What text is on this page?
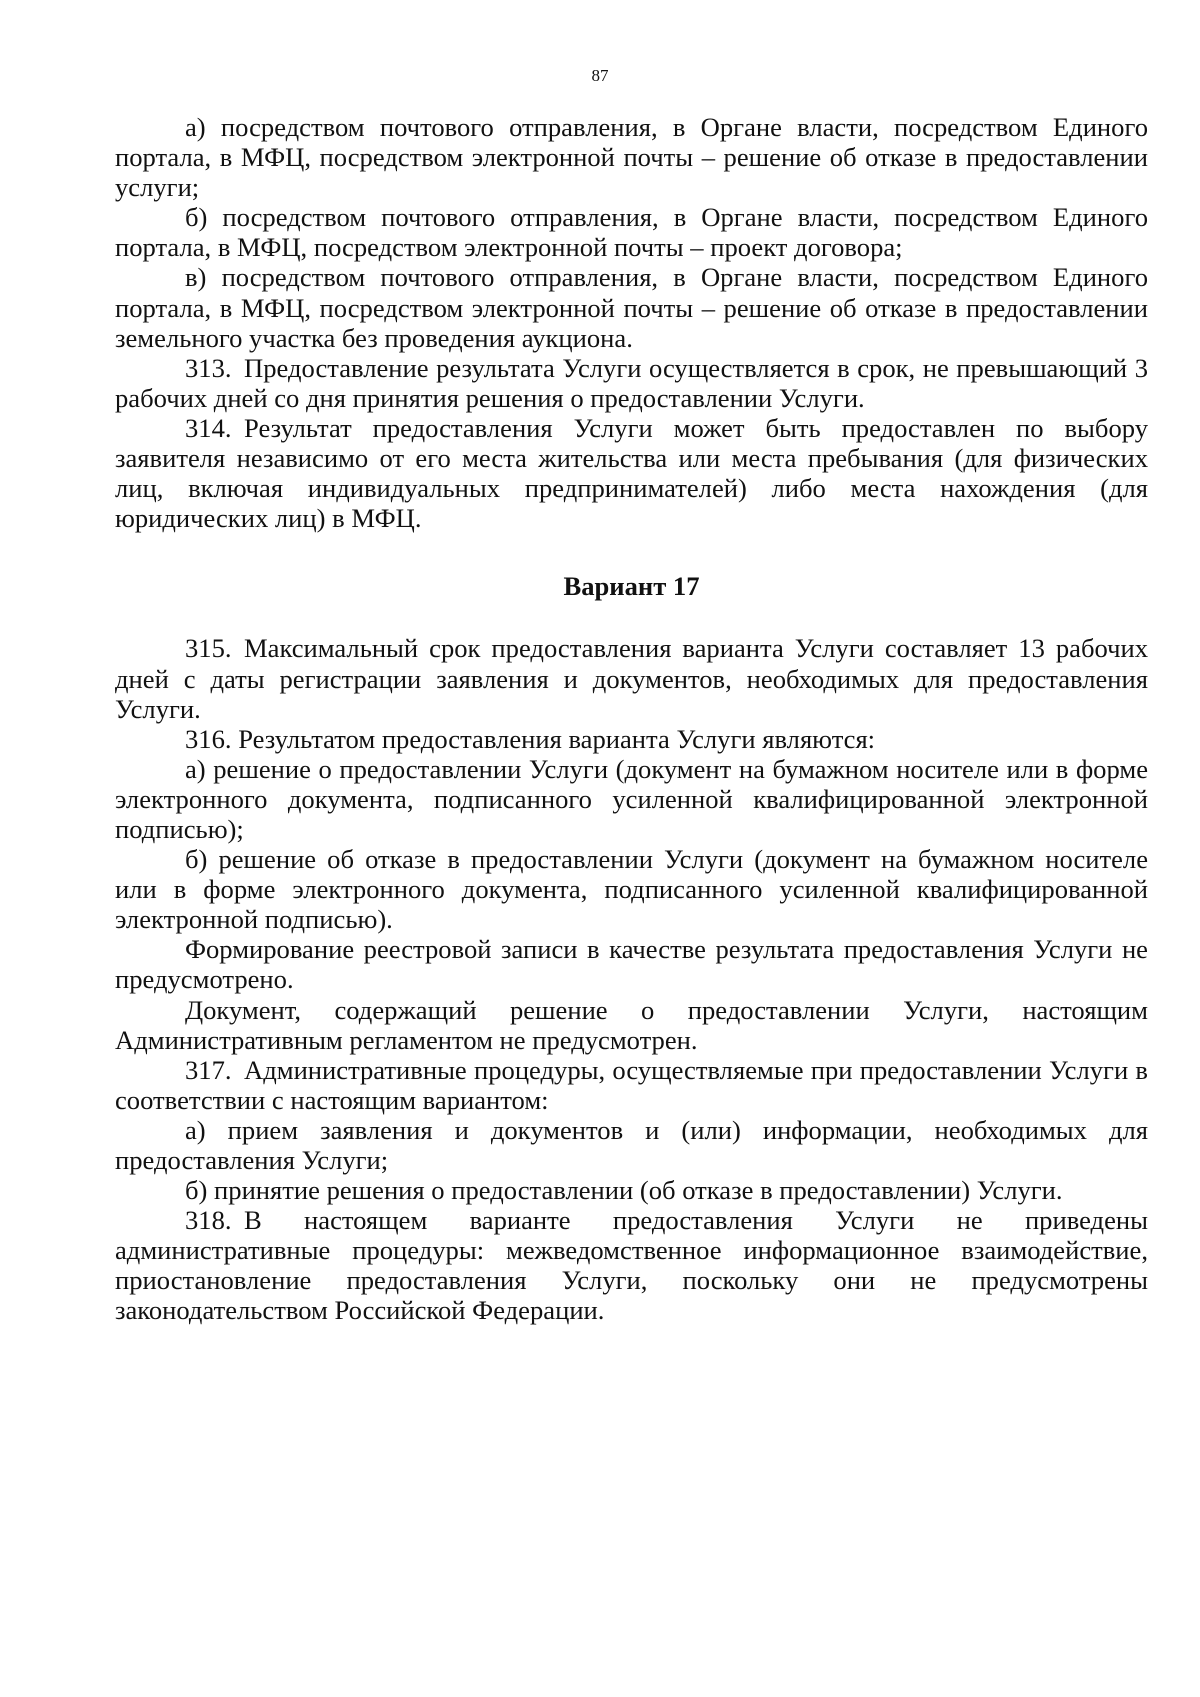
87

а) посредством почтового отправления, в Органе власти, посредством Единого портала, в МФЦ, посредством электронной почты – решение об отказе в предоставлении услуги;

б) посредством почтового отправления, в Органе власти, посредством Единого портала, в МФЦ, посредством электронной почты – проект договора;

в) посредством почтового отправления, в Органе власти, посредством Единого портала, в МФЦ, посредством электронной почты – решение об отказе в предоставлении земельного участка без проведения аукциона.

313. Предоставление результата Услуги осуществляется в срок, не превышающий 3 рабочих дней со дня принятия решения о предоставлении Услуги.

314. Результат предоставления Услуги может быть предоставлен по выбору заявителя независимо от его места жительства или места пребывания (для физических лиц, включая индивидуальных предпринимателей) либо места нахождения (для юридических лиц) в МФЦ.

Вариант 17

315. Максимальный срок предоставления варианта Услуги составляет 13 рабочих дней с даты регистрации заявления и документов, необходимых для предоставления Услуги.

316. Результатом предоставления варианта Услуги являются:

а) решение о предоставлении Услуги (документ на бумажном носителе или в форме электронного документа, подписанного усиленной квалифицированной электронной подписью);

б) решение об отказе в предоставлении Услуги (документ на бумажном носителе или в форме электронного документа, подписанного усиленной квалифицированной электронной подписью).

Формирование реестровой записи в качестве результата предоставления Услуги не предусмотрено.

Документ, содержащий решение о предоставлении Услуги, настоящим Административным регламентом не предусмотрен.

317. Административные процедуры, осуществляемые при предоставлении Услуги в соответствии с настоящим вариантом:

а) прием заявления и документов и (или) информации, необходимых для предоставления Услуги;

б) принятие решения о предоставлении (об отказе в предоставлении) Услуги.

318. В настоящем варианте предоставления Услуги не приведены административные процедуры: межведомственное информационное взаимодействие, приостановление предоставления Услуги, поскольку они не предусмотрены законодательством Российской Федерации.
